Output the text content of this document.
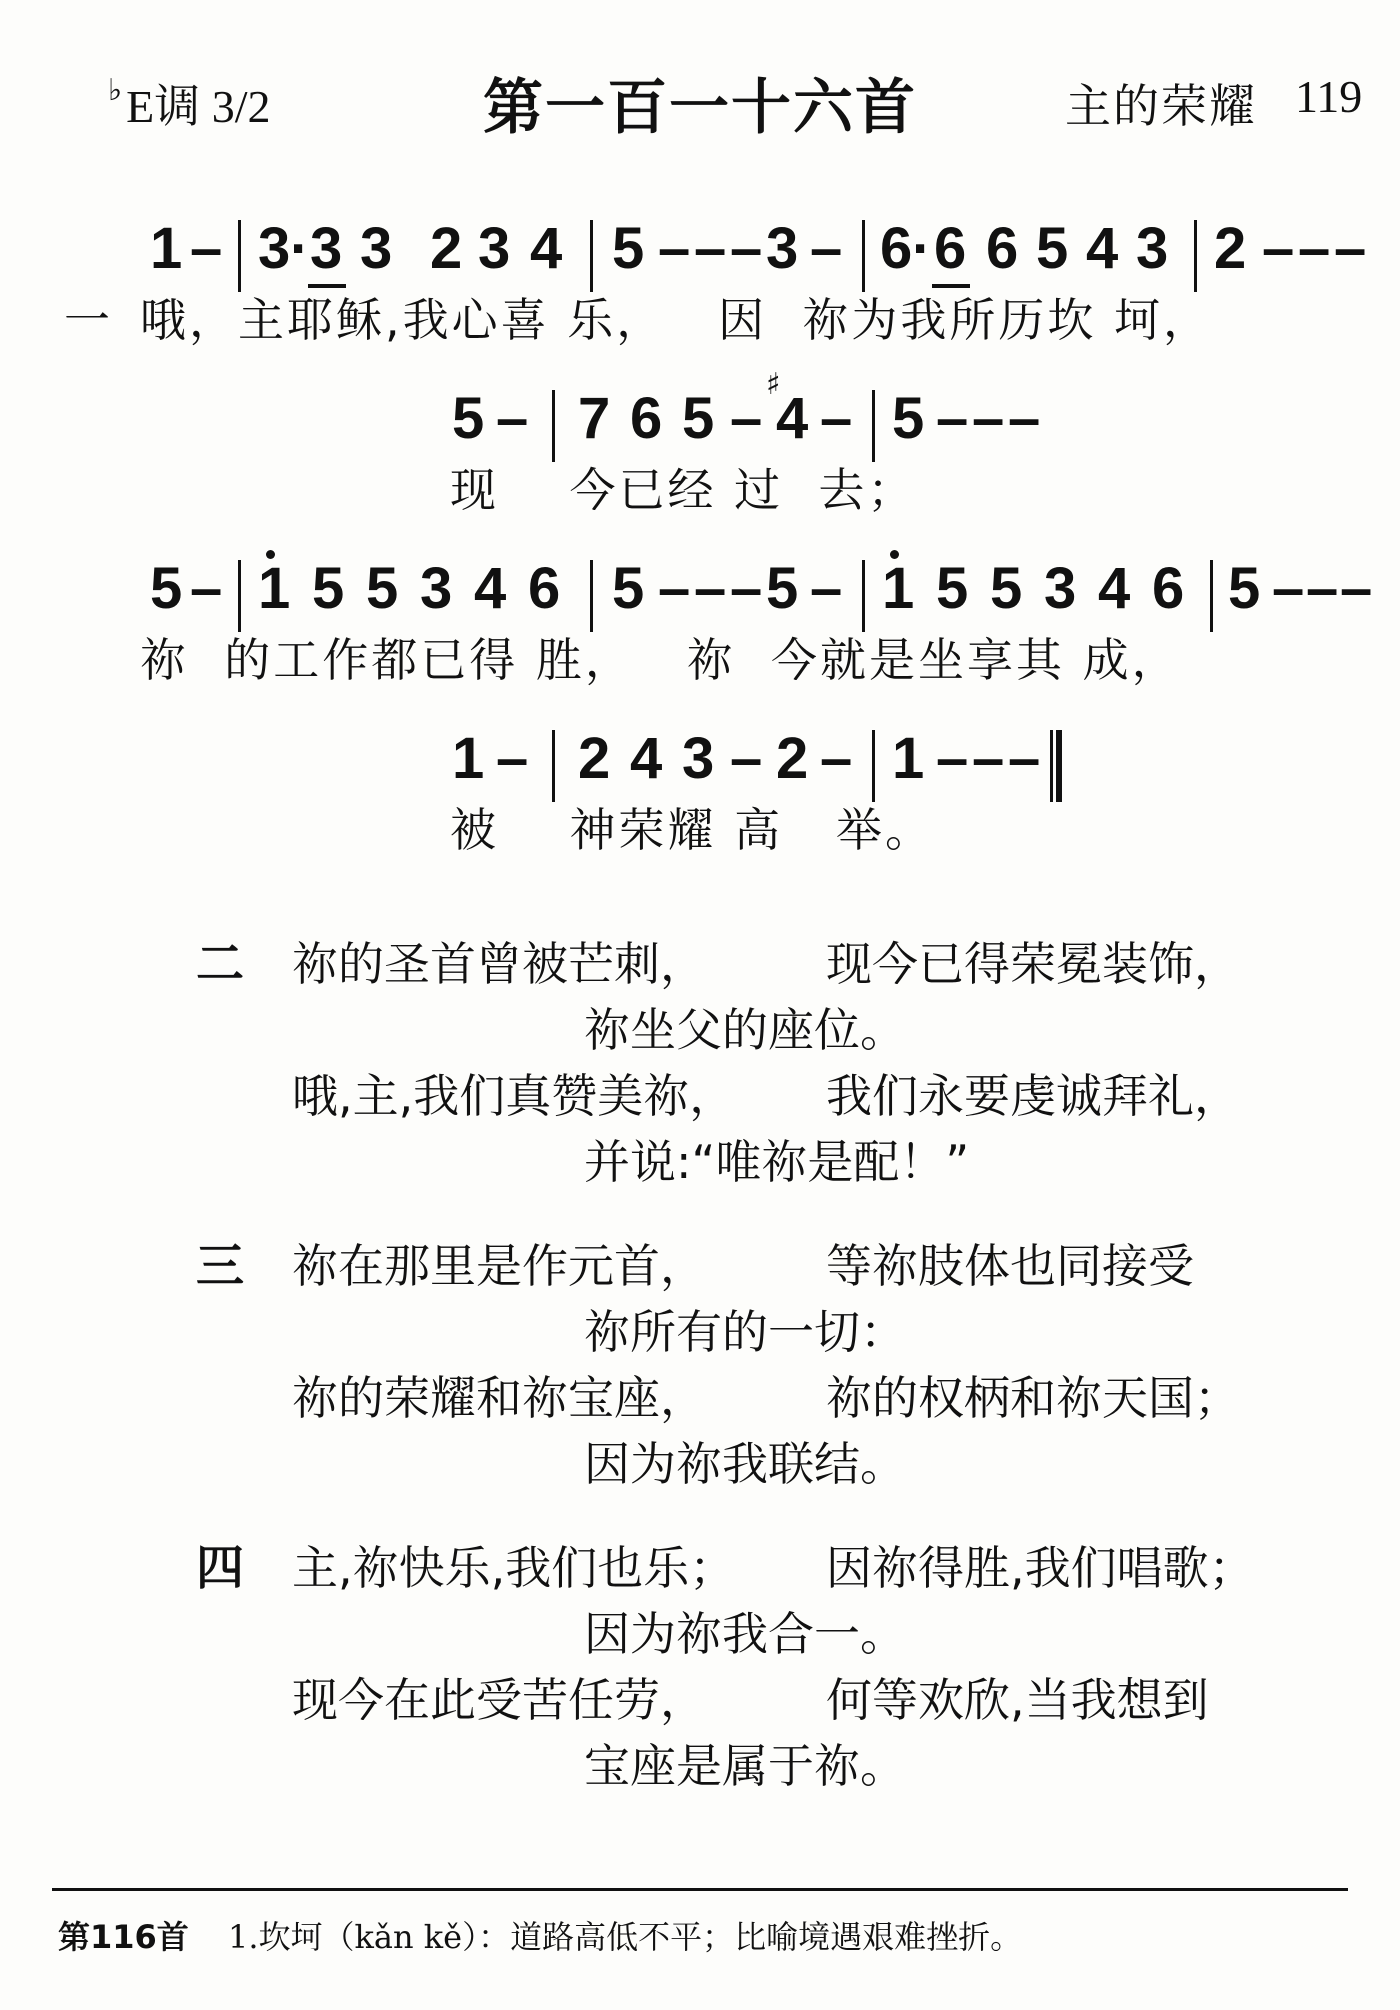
♭E调 3/2	第一百一十六首	主的荣耀 119
1 – 3 · 3 3 2 3 4 5 – – – 3 – 6 · 6 6 5 4 3 2 – – –
一 哦，主耶稣,我心喜 乐，   因  祢为我所历坎 坷，
5 – 7 6 5 –
♯
4 – 5 – – –
现    今已经 过  去；
5 – 1 5 5 3 4 6 5 – – – 5 – 1 5 5 3 4 6 5 – – –
祢  的工作都已得 胜，   祢  今就是坐享其 成，
1 – 2 4 3 – 2 – 1 – – –
被    神荣耀 高   举。
二 祢的圣首曾被芒刺，	现今已得荣冕装饰，
祢坐父的座位。
哦,主,我们真赞美祢， 我们永要虔诚拜礼，
并说:“唯祢是配！”
三 祢在那里是作元首，	等祢肢体也同接受
祢所有的一切：
祢的荣耀和祢宝座，	祢的权柄和祢天国；
因为祢我联结。
四 主,祢快乐,我们也乐； 因祢得胜,我们唱歌；
因为祢我合一。
现今在此受苦任劳，	何等欢欣,当我想到
宝座是属于祢。
第116首 1.坎坷（kǎn kě）：道路高低不平；比喻境遇艰难挫折。
